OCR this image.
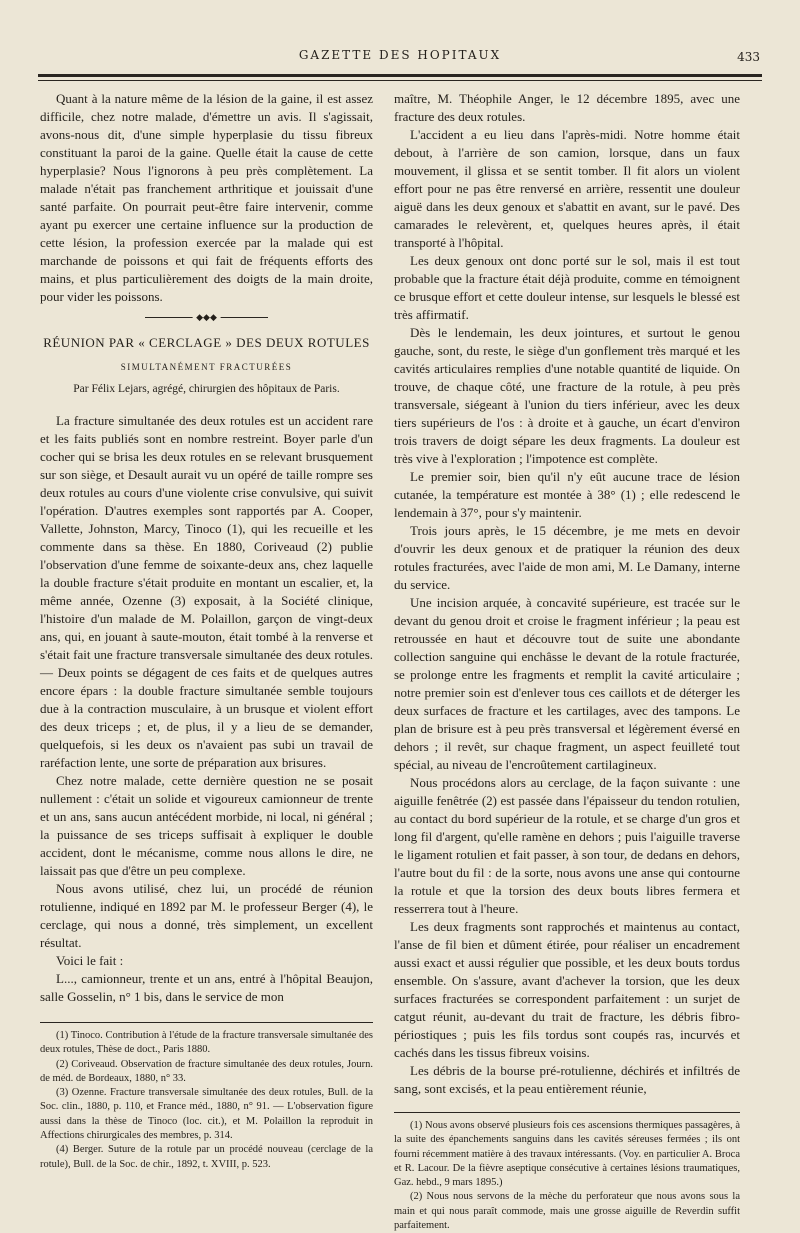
GAZETTE DES HOPITAUX	433

Quant à la nature même de la lésion de la gaine, il est assez difficile, chez notre malade, d'émettre un avis. Il s'agissait, avons-nous dit, d'une simple hyperplasie du tissu fibreux constituant la paroi de la gaine. Quelle était la cause de cette hyperplasie? Nous l'ignorons à peu près complètement. La malade n'était pas franchement arthritique et jouissait d'une santé parfaite. On pourrait peut-être faire intervenir, comme ayant pu exercer une certaine influence sur la production de cette lésion, la profession exercée par la malade qui est marchande de poissons et qui fait de fréquents efforts des mains, et plus particulièrement des doigts de la main droite, pour vider les poissons.

◆◆◆
RÉUNION PAR « CERCLAGE » DES DEUX ROTULES
SIMULTANÉMENT FRACTURÉES
Par Félix Lejars, agrégé, chirurgien des hôpitaux de Paris.

La fracture simultanée des deux rotules est un accident rare et les faits publiés sont en nombre restreint. Boyer parle d'un cocher qui se brisa les deux rotules en se relevant brusquement sur son siège, et Desault aurait vu un opéré de taille rompre ses deux rotules au cours d'une violente crise convulsive, qui suivit l'opération. D'autres exemples sont rapportés par A. Cooper, Vallette, Johnston, Marcy, Tinoco (1), qui les recueille et les commente dans sa thèse. En 1880, Coriveaud (2) publie l'observation d'une femme de soixante-deux ans, chez laquelle la double fracture s'était produite en montant un escalier, et, la même année, Ozenne (3) exposait, à la Société clinique, l'histoire d'un malade de M. Polaillon, garçon de vingt-deux ans, qui, en jouant à saute-mouton, était tombé à la renverse et s'était fait une fracture transversale simultanée des deux rotules. — Deux points se dégagent de ces faits et de quelques autres encore épars : la double fracture simultanée semble toujours due à la contraction musculaire, à un brusque et violent effort des deux triceps ; et, de plus, il y a lieu de se demander, quelquefois, si les deux os n'avaient pas subi un travail de raréfaction lente, une sorte de préparation aux brisures.

Chez notre malade, cette dernière question ne se posait nullement : c'était un solide et vigoureux camionneur de trente et un ans, sans aucun antécédent morbide, ni local, ni général ; la puissance de ses triceps suffisait à expliquer le double accident, dont le mécanisme, comme nous allons le dire, ne laissait pas que d'être un peu complexe.

Nous avons utilisé, chez lui, un procédé de réunion rotulienne, indiqué en 1892 par M. le professeur Berger (4), le cerclage, qui nous a donné, très simplement, un excellent résultat.

Voici le fait :

L..., camionneur, trente et un ans, entré à l'hôpital Beaujon, salle Gosselin, n° 1 bis, dans le service de mon

(1) Tinoco. Contribution à l'étude de la fracture transversale simultanée des deux rotules, Thèse de doct., Paris 1880.

(2) Coriveaud. Observation de fracture simultanée des deux rotules, Journ. de méd. de Bordeaux, 1880, n° 33.

(3) Ozenne. Fracture transversale simultanée des deux rotules, Bull. de la Soc. clin., 1880, p. 110, et France méd., 1880, n° 91. — L'observation figure aussi dans la thèse de Tinoco (loc. cit.), et M. Polaillon la reproduit in Affections chirurgicales des membres, p. 314.

(4) Berger. Suture de la rotule par un procédé nouveau (cerclage de la rotule), Bull. de la Soc. de chir., 1892, t. XVIII, p. 523.

maître, M. Théophile Anger, le 12 décembre 1895, avec une fracture des deux rotules.

L'accident a eu lieu dans l'après-midi. Notre homme était debout, à l'arrière de son camion, lorsque, dans un faux mouvement, il glissa et se sentit tomber. Il fit alors un violent effort pour ne pas être renversé en arrière, ressentit une douleur aiguë dans les deux genoux et s'abattit en avant, sur le pavé. Des camarades le relevèrent, et, quelques heures après, il était transporté à l'hôpital.

Les deux genoux ont donc porté sur le sol, mais il est tout probable que la fracture était déjà produite, comme en témoignent ce brusque effort et cette douleur intense, sur lesquels le blessé est très affirmatif.

Dès le lendemain, les deux jointures, et surtout le genou gauche, sont, du reste, le siège d'un gonflement très marqué et les cavités articulaires remplies d'une notable quantité de liquide. On trouve, de chaque côté, une fracture de la rotule, à peu près transversale, siégeant à l'union du tiers inférieur, avec les deux tiers supérieurs de l'os : à droite et à gauche, un écart d'environ trois travers de doigt sépare les deux fragments. La douleur est très vive à l'exploration ; l'impotence est complète.

Le premier soir, bien qu'il n'y eût aucune trace de lésion cutanée, la température est montée à 38° (1) ; elle redescend le lendemain à 37°, pour s'y maintenir.

Trois jours après, le 15 décembre, je me mets en devoir d'ouvrir les deux genoux et de pratiquer la réunion des deux rotules fracturées, avec l'aide de mon ami, M. Le Damany, interne du service.

Une incision arquée, à concavité supérieure, est tracée sur le devant du genou droit et croise le fragment inférieur ; la peau est retroussée en haut et découvre tout de suite une abondante collection sanguine qui enchâsse le devant de la rotule fracturée, se prolonge entre les fragments et remplit la cavité articulaire ; notre premier soin est d'enlever tous ces caillots et de déterger les deux surfaces de fracture et les cartilages, avec des tampons. Le plan de brisure est à peu près transversal et légèrement éversé en dehors ; il revêt, sur chaque fragment, un aspect feuilleté tout spécial, au niveau de l'encroûtement cartilagineux.

Nous procédons alors au cerclage, de la façon suivante : une aiguille fenêtrée (2) est passée dans l'épaisseur du tendon rotulien, au contact du bord supérieur de la rotule, et se charge d'un gros et long fil d'argent, qu'elle ramène en dehors ; puis l'aiguille traverse le ligament rotulien et fait passer, à son tour, de dedans en dehors, l'autre bout du fil : de la sorte, nous avons une anse qui contourne la rotule et que la torsion des deux bouts libres fermera et resserrera tout à l'heure.

Les deux fragments sont rapprochés et maintenus au contact, l'anse de fil bien et dûment étirée, pour réaliser un encadrement aussi exact et aussi régulier que possible, et les deux bouts tordus ensemble. On s'assure, avant d'achever la torsion, que les deux surfaces fracturées se correspondent parfaitement : un surjet de catgut réunit, au-devant du trait de fracture, les débris fibro-périostiques ; puis les fils tordus sont coupés ras, incurvés et cachés dans les tissus fibreux voisins.

Les débris de la bourse pré-rotulienne, déchirés et infiltrés de sang, sont excisés, et la peau entièrement réunie,

(1) Nous avons observé plusieurs fois ces ascensions thermiques passagères, à la suite des épanchements sanguins dans les cavités séreuses fermées ; ils ont fourni récemment matière à des travaux intéressants. (Voy. en particulier A. Broca et R. Lacour. De la fièvre aseptique consécutive à certaines lésions traumatiques, Gaz. hebd., 9 mars 1895.)

(2) Nous nous servons de la mèche du perforateur que nous avons sous la main et qui nous paraît commode, mais une grosse aiguille de Reverdin suffit parfaitement.
